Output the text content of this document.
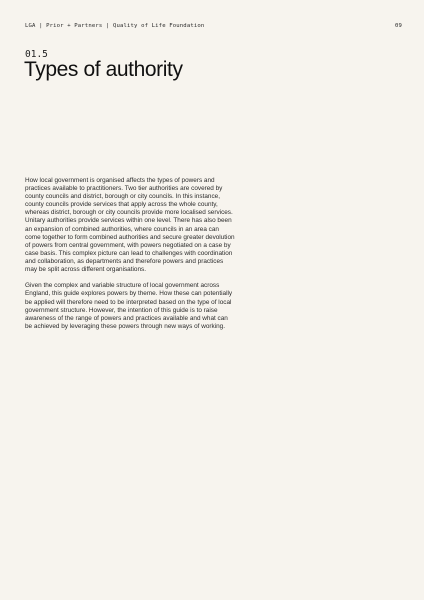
LGA | Prior + Partners | Quality of Life Foundation	09
01.5
Types of authority

How local government is organised affects the types of powers and practices available to practitioners. Two tier authorities are covered by county councils and district, borough or city councils. In this instance, county councils provide services that apply across the whole county, whereas district, borough or city councils provide more localised services. Unitary authorities provide services within one level. There has also been an expansion of combined authorities, where councils in an area can come together to form combined authorities and secure greater devolution of powers from central government, with powers negotiated on a case by case basis. This complex picture can lead to challenges with coordination and collaboration, as departments and therefore powers and practices may be split across different organisations.

Given the complex and variable structure of local government across England, this guide explores powers by theme. How these can potentially be applied will therefore need to be interpreted based on the type of local government structure. However, the intention of this guide is to raise awareness of the range of powers and practices available and what can be achieved by leveraging these powers through new ways of working.
